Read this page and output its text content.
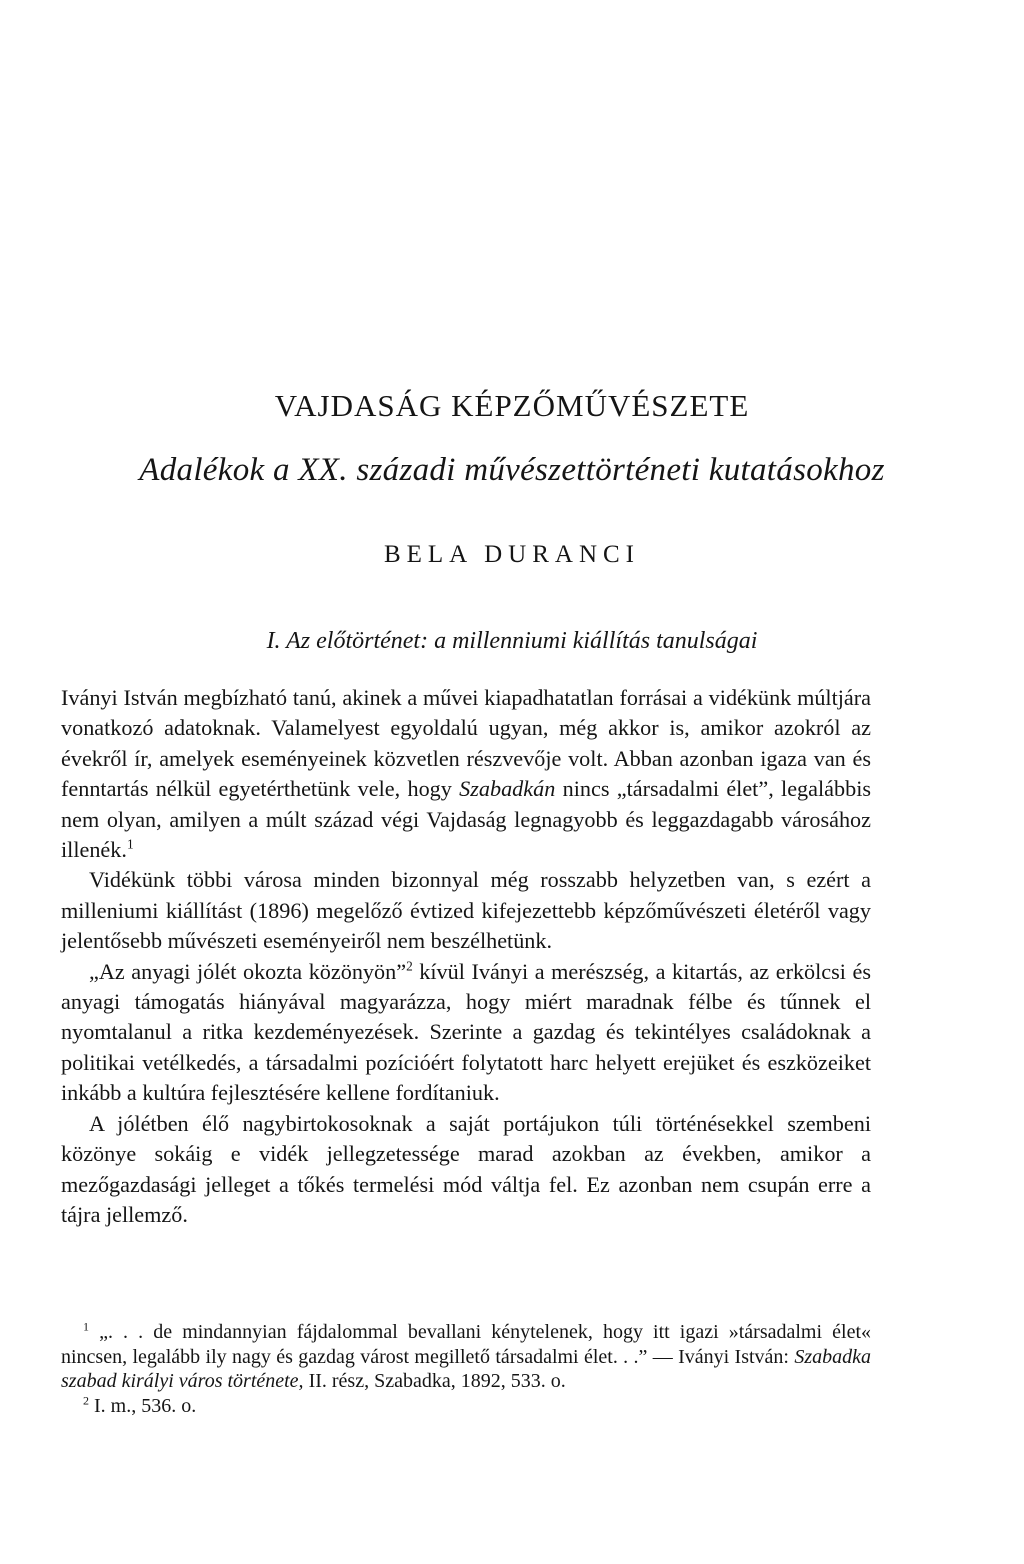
VAJDASÁG KÉPZŐMŰVÉSZETE
Adalékok a XX. századi művészettörténeti kutatásokhoz
BELA DURANCI
I. Az előtörténet: a millenniumi kiállítás tanulságai

Iványi István megbízható tanú, akinek a művei kiapadhatatlan forrásai a vidékünk múltjára vonatkozó adatoknak. Valamelyest egyoldalú ugyan, még akkor is, amikor azokról az évekről ír, amelyek eseményeinek közvetlen részvevője volt. Abban azonban igaza van és fenntartás nélkül egyetérthetünk vele, hogy Szabadkán nincs „társadalmi élet”, legalábbis nem olyan, amilyen a múlt század végi Vajdaság legnagyobb és leggazdagabb városához illenék.$^1$

Vidékünk többi városa minden bizonnyal még rosszabb helyzetben van, s ezért a milleniumi kiállítást (1896) megelőző évtized kifejezettebb képzőművészeti életéről vagy jelentősebb művészeti eseményeiről nem beszélhetünk.

„Az anyagi jólét okozta közönyön”$^2$ kívül Iványi a merészség, a kitartás, az erkölcsi és anyagi támogatás hiányával magyarázza, hogy miért maradnak félbe és tűnnek el nyomtalanul a ritka kezdeményezések. Szerinte a gazdag és tekintélyes családoknak a politikai vetélkedés, a társadalmi pozícióért folytatott harc helyett erejüket és eszközeiket inkább a kultúra fejlesztésére kellene fordítaniuk.

A jólétben élő nagybirtokosoknak a saját portájukon túli történésekkel szembeni közönye sokáig e vidék jellegzetessége marad azokban az években, amikor a mezőgazdasági jelleget a tőkés termelési mód váltja fel. Ez azonban nem csupán erre a tájra jellemző.

$^1$ „. . . de mindannyian fájdalommal bevallani kénytelenek, hogy itt igazi »társadalmi élet« nincsen, legalább ily nagy és gazdag várost megillető társadalmi élet. . .” — Iványi István: Szabadka szabad királyi város története, II. rész, Szabadka, 1892, 533. o.

$^2$ I. m., 536. o.
